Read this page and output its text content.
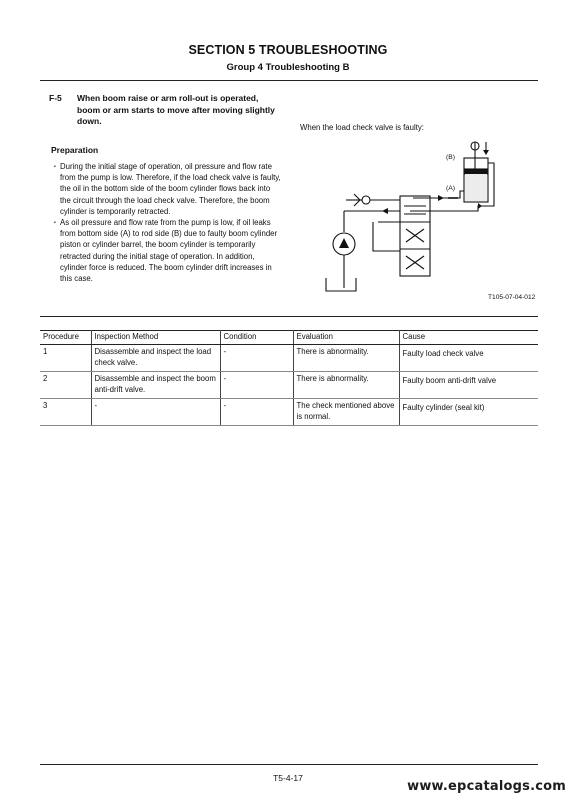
SECTION 5 TROUBLESHOOTING
Group 4 Troubleshooting B
F-5 When boom raise or arm roll-out is operated, boom or arm starts to move after moving slightly down.
Preparation

・ During the initial stage of operation, oil pressure and flow rate from the pump is low. Therefore, if the load check valve is faulty, the oil in the bottom side of the boom cylinder flows back into the circuit through the load check valve. Therefore, the boom cylinder is temporarily retracted.

・ As oil pressure and flow rate from the pump is low, if oil leaks from bottom side (A) to rod side (B) due to faulty boom cylinder piston or cylinder barrel, the boom cylinder is temporarily retracted during the initial stage of operation. In addition, cylinder force is reduced. The boom cylinder drift increases in this case.

When the load check valve is faulty:
(B)
(A)
T105-07-04-012
Procedure	Inspection Method	Condition	Evaluation	Cause
1	Disassemble and inspect the load check valve.	-	There is abnormality.	Faulty load check valve
2	Disassemble and inspect the boom anti-drift valve.	-	There is abnormality.	Faulty boom anti-drift valve
3	-	-	The check mentioned above is normal.	Faulty cylinder (seal kit)
T5-4-17
www.epcatalogs.com
